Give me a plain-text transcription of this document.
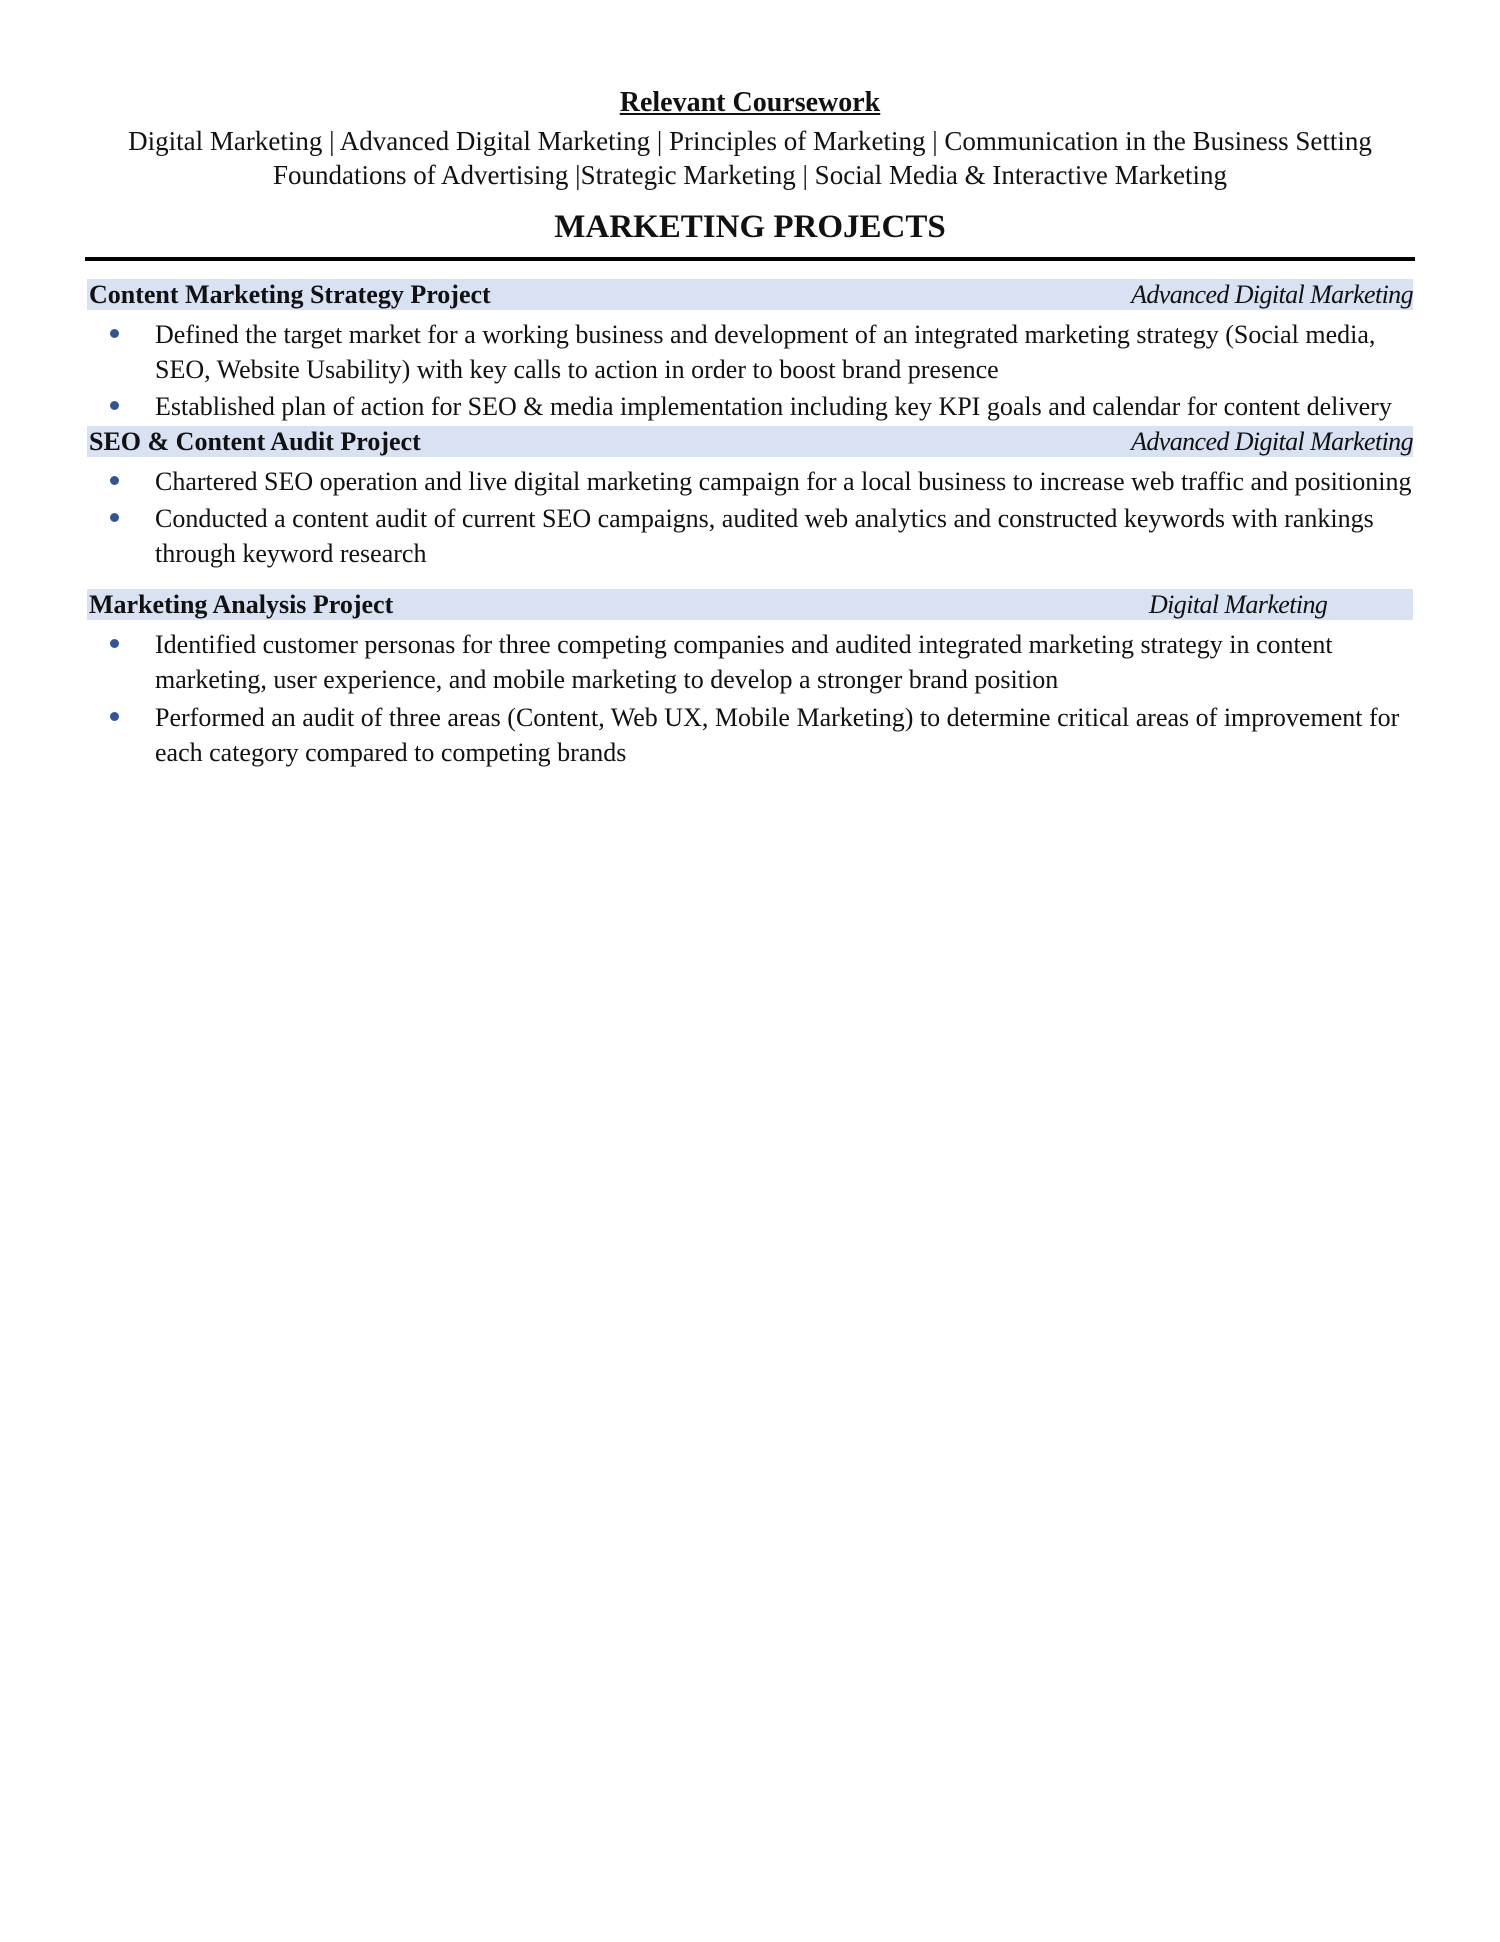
Relevant Coursework
Digital Marketing | Advanced Digital Marketing | Principles of Marketing | Communication in the Business Setting
Foundations of Advertising |Strategic Marketing | Social Media & Interactive Marketing
MARKETING PROJECTS
Content Marketing Strategy Project	Advanced Digital Marketing
Defined the target market for a working business and development of an integrated marketing strategy (Social media, SEO, Website Usability) with key calls to action in order to boost brand presence
Established plan of action for SEO & media implementation including key KPI goals and calendar for content delivery
SEO & Content Audit Project	Advanced Digital Marketing
Chartered SEO operation and live digital marketing campaign for a local business to increase web traffic and positioning
Conducted a content audit of current SEO campaigns, audited web analytics and constructed keywords with rankings through keyword research
Marketing Analysis Project	Digital Marketing
Identified customer personas for three competing companies and audited integrated marketing strategy in content marketing, user experience, and mobile marketing to develop a stronger brand position
Performed an audit of three areas (Content, Web UX, Mobile Marketing) to determine critical areas of improvement for each category compared to competing brands
